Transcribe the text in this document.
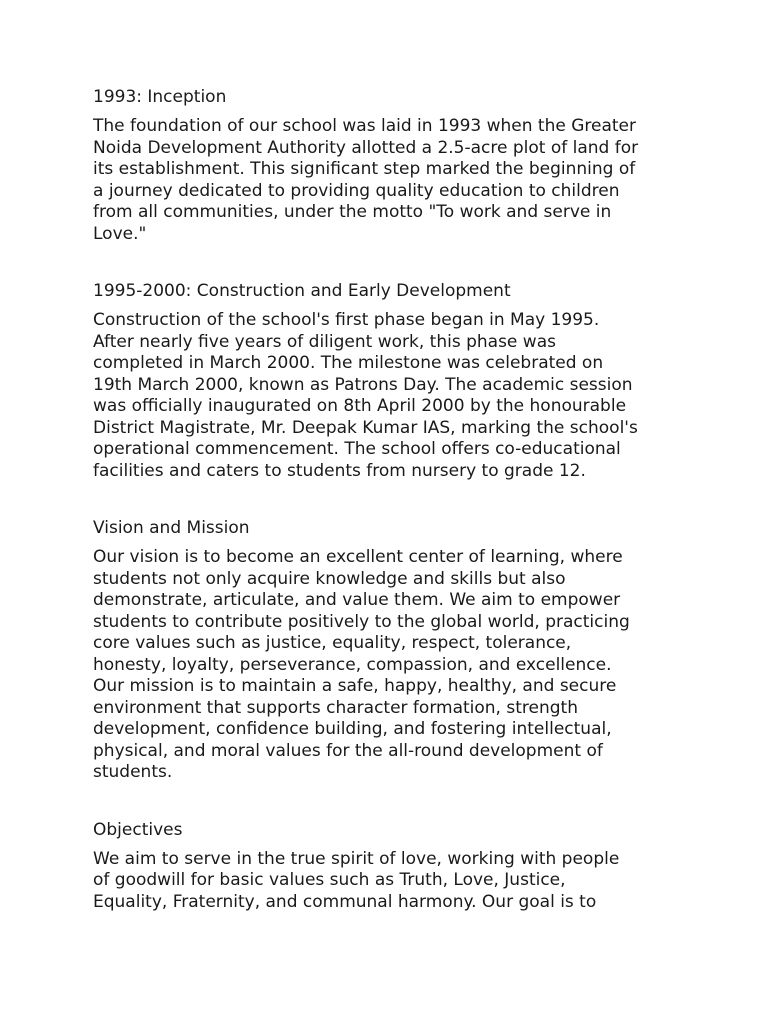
1993: Inception

The foundation of our school was laid in 1993 when the Greater
Noida Development Authority allotted a 2.5-acre plot of land for
its establishment. This significant step marked the beginning of
a journey dedicated to providing quality education to children
from all communities, under the motto "To work and serve in
Love."

1995-2000: Construction and Early Development

Construction of the school's first phase began in May 1995.
After nearly five years of diligent work, this phase was
completed in March 2000. The milestone was celebrated on
19th March 2000, known as Patrons Day. The academic session
was officially inaugurated on 8th April 2000 by the honourable
District Magistrate, Mr. Deepak Kumar IAS, marking the school's
operational commencement. The school offers co-educational
facilities and caters to students from nursery to grade 12.

Vision and Mission

Our vision is to become an excellent center of learning, where
students not only acquire knowledge and skills but also
demonstrate, articulate, and value them. We aim to empower
students to contribute positively to the global world, practicing
core values such as justice, equality, respect, tolerance,
honesty, loyalty, perseverance, compassion, and excellence.
Our mission is to maintain a safe, happy, healthy, and secure
environment that supports character formation, strength
development, confidence building, and fostering intellectual,
physical, and moral values for the all-round development of
students.

Objectives

We aim to serve in the true spirit of love, working with people
of goodwill for basic values such as Truth, Love, Justice,
Equality, Fraternity, and communal harmony. Our goal is to
